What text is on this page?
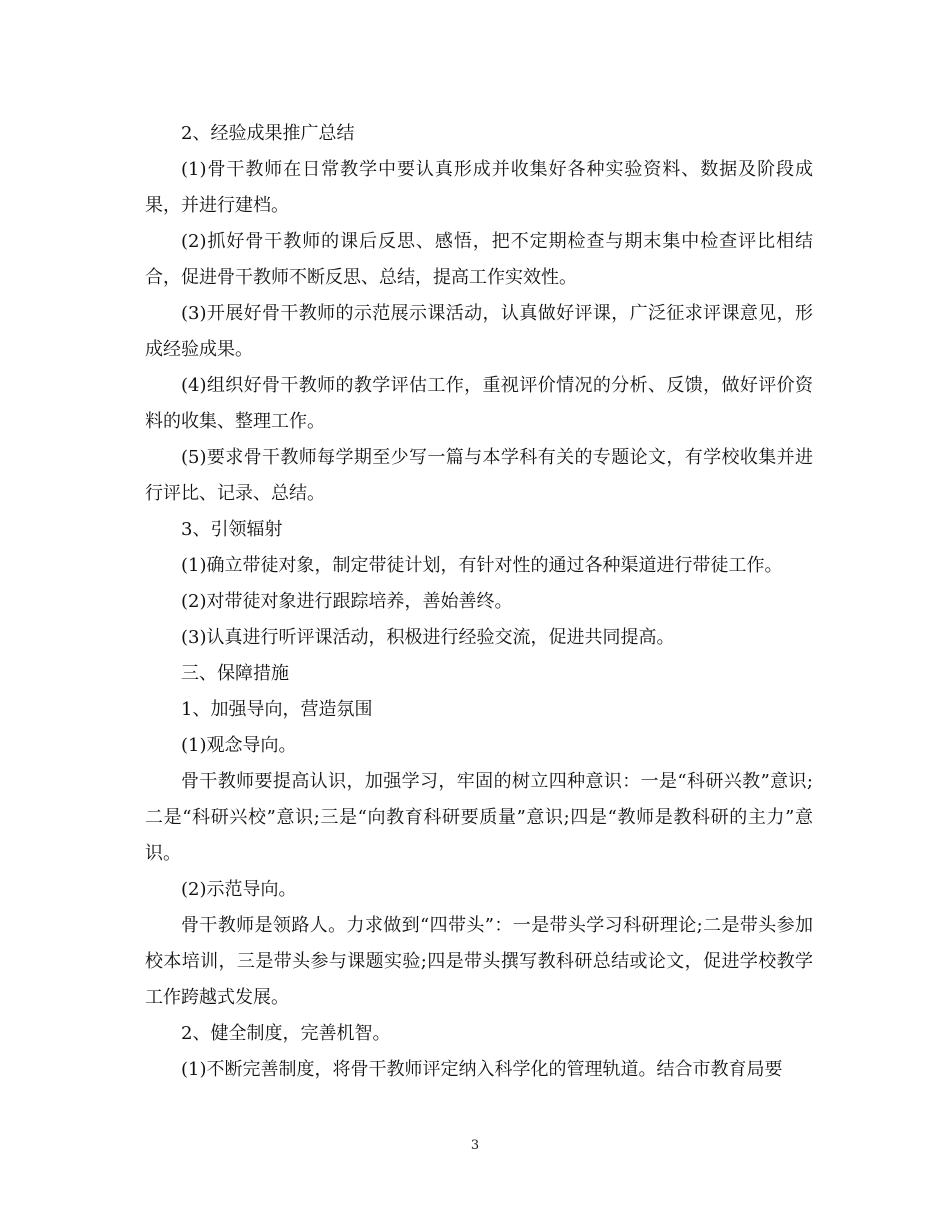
2、经验成果推广总结

(1)骨干教师在日常教学中要认真形成并收集好各种实验资料、数据及阶段成果，并进行建档。

(2)抓好骨干教师的课后反思、感悟，把不定期检查与期末集中检查评比相结合，促进骨干教师不断反思、总结，提高工作实效性。

(3)开展好骨干教师的示范展示课活动，认真做好评课，广泛征求评课意见，形成经验成果。

(4)组织好骨干教师的教学评估工作，重视评价情况的分析、反馈，做好评价资料的收集、整理工作。

(5)要求骨干教师每学期至少写一篇与本学科有关的专题论文，有学校收集并进行评比、记录、总结。

3、引领辐射

(1)确立带徒对象，制定带徒计划，有针对性的通过各种渠道进行带徒工作。

(2)对带徒对象进行跟踪培养，善始善终。

(3)认真进行听评课活动，积极进行经验交流，促进共同提高。

三、保障措施

1、加强导向，营造氛围

(1)观念导向。

骨干教师要提高认识，加强学习，牢固的树立四种意识：一是“科研兴教”意识;二是“科研兴校”意识;三是“向教育科研要质量”意识;四是“教师是教科研的主力”意识。

(2)示范导向。

骨干教师是领路人。力求做到“四带头”：一是带头学习科研理论;二是带头参加校本培训，三是带头参与课题实验;四是带头撰写教科研总结或论文，促进学校教学工作跨越式发展。

2、健全制度，完善机智。

(1)不断完善制度，将骨干教师评定纳入科学化的管理轨道。结合市教育局要

3
